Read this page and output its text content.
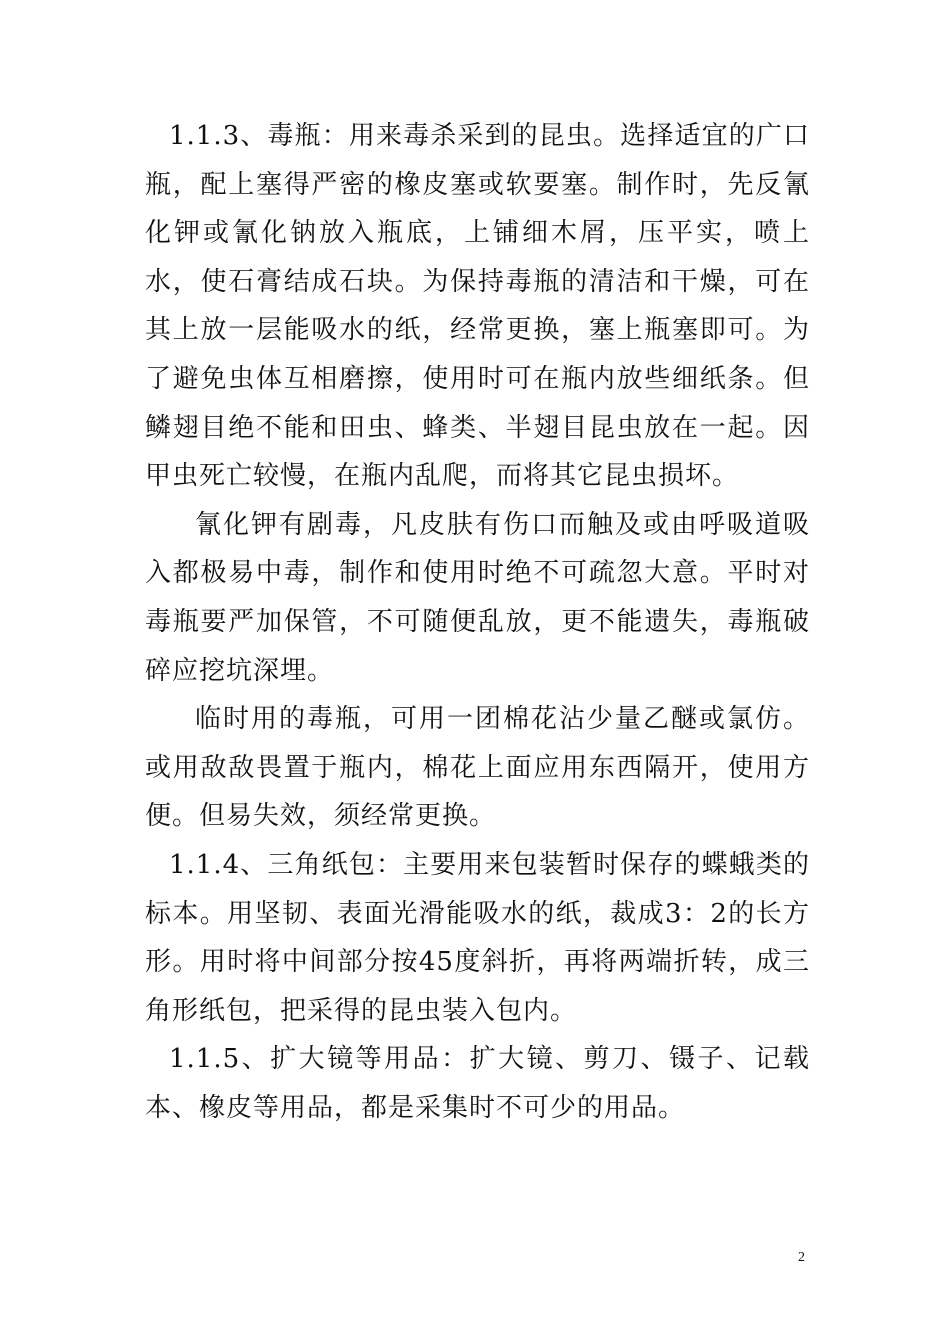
1.1.3、毒瓶：用来毒杀采到的昆虫。选择适宜的广口瓶，配上塞得严密的橡皮塞或软要塞。制作时，先反氰化钾或氰化钠放入瓶底，上铺细木屑，压平实，喷上水，使石膏结成石块。为保持毒瓶的清洁和干燥，可在其上放一层能吸水的纸，经常更换，塞上瓶塞即可。为了避免虫体互相磨擦，使用时可在瓶内放些细纸条。但鳞翅目绝不能和田虫、蜂类、半翅目昆虫放在一起。因甲虫死亡较慢，在瓶内乱爬，而将其它昆虫损坏。

氰化钾有剧毒，凡皮肤有伤口而触及或由呼吸道吸入都极易中毒，制作和使用时绝不可疏忽大意。平时对毒瓶要严加保管，不可随便乱放，更不能遗失，毒瓶破碎应挖坑深埋。

临时用的毒瓶，可用一团棉花沾少量乙醚或氯仿。或用敌敌畏置于瓶内，棉花上面应用东西隔开，使用方便。但易失效，须经常更换。

1.1.4、三角纸包：主要用来包装暂时保存的蝶蛾类的标本。用坚韧、表面光滑能吸水的纸，裁成3：2的长方形。用时将中间部分按45度斜折，再将两端折转，成三角形纸包，把采得的昆虫装入包内。

1.1.5、扩大镜等用品：扩大镜、剪刀、镊子、记载本、橡皮等用品，都是采集时不可少的用品。

2
